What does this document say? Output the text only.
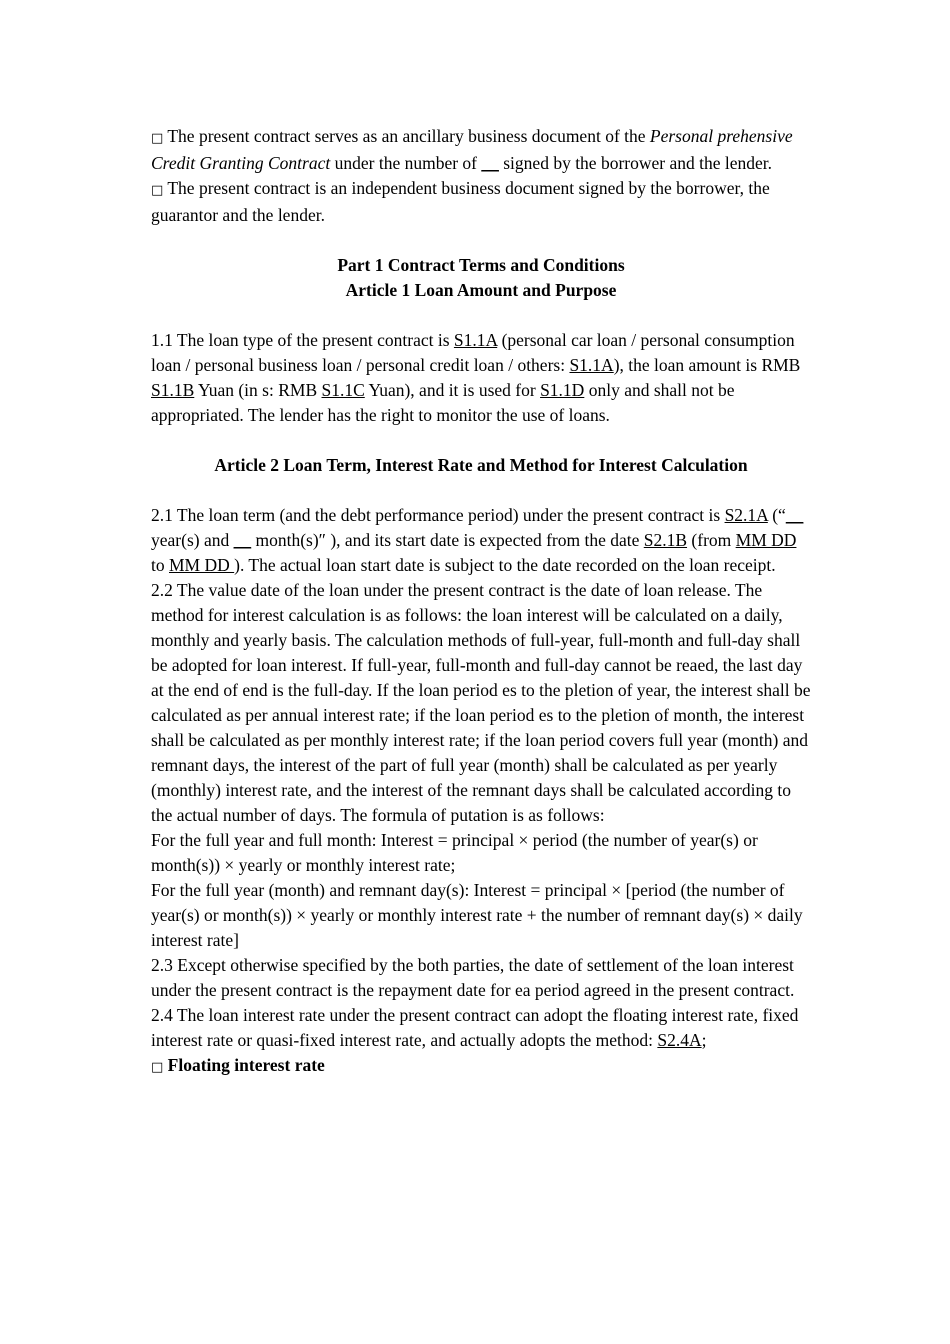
□ The present contract serves as an ancillary business document of the Personal prehensive Credit Granting Contract under the number of __ signed by the borrower and the lender.

□ The present contract is an independent business document signed by the borrower, the guarantor and the lender.

Part 1 Contract Terms and Conditions

Article 1 Loan Amount and Purpose

1.1 The loan type of the present contract is S1.1A (personal car loan / personal consumption loan / personal business loan / personal credit loan / others: S1.1A), the loan amount is RMB S1.1B Yuan (in s: RMB S1.1C Yuan), and it is used for S1.1D only and shall not be appropriated. The lender has the right to monitor the use of loans.

Article 2 Loan Term, Interest Rate and Method for Interest Calculation

2.1 The loan term (and the debt performance period) under the present contract is S2.1A (“__ year(s) and __ month(s)″ ), and its start date is expected from the date S2.1B (from MM DD to MM DD ). The actual loan start date is subject to the date recorded on the loan receipt.

2.2 The value date of the loan under the present contract is the date of loan release. The method for interest calculation is as follows: the loan interest will be calculated on a daily, monthly and yearly basis. The calculation methods of full-year, full-month and full-day shall be adopted for loan interest. If full-year, full-month and full-day cannot be reaed, the last day at the end of end is the full-day. If the loan period es to the pletion of year, the interest shall be calculated as per annual interest rate; if the loan period es to the pletion of month, the interest shall be calculated as per monthly interest rate; if the loan period covers full year (month) and remnant days, the interest of the part of full year (month) shall be calculated as per yearly (monthly) interest rate, and the interest of the remnant days shall be calculated according to the actual number of days. The formula of putation is as follows:

For the full year and full month: Interest = principal × period (the number of year(s) or month(s)) × yearly or monthly interest rate;

For the full year (month) and remnant day(s): Interest = principal × [period (the number of year(s) or month(s)) × yearly or monthly interest rate + the number of remnant day(s) × daily interest rate]

2.3 Except otherwise specified by the both parties, the date of settlement of the loan interest under the present contract is the repayment date for ea period agreed in the present contract.

2.4 The loan interest rate under the present contract can adopt the floating interest rate, fixed interest rate or quasi-fixed interest rate, and actually adopts the method: S2.4A;

□ Floating interest rate
